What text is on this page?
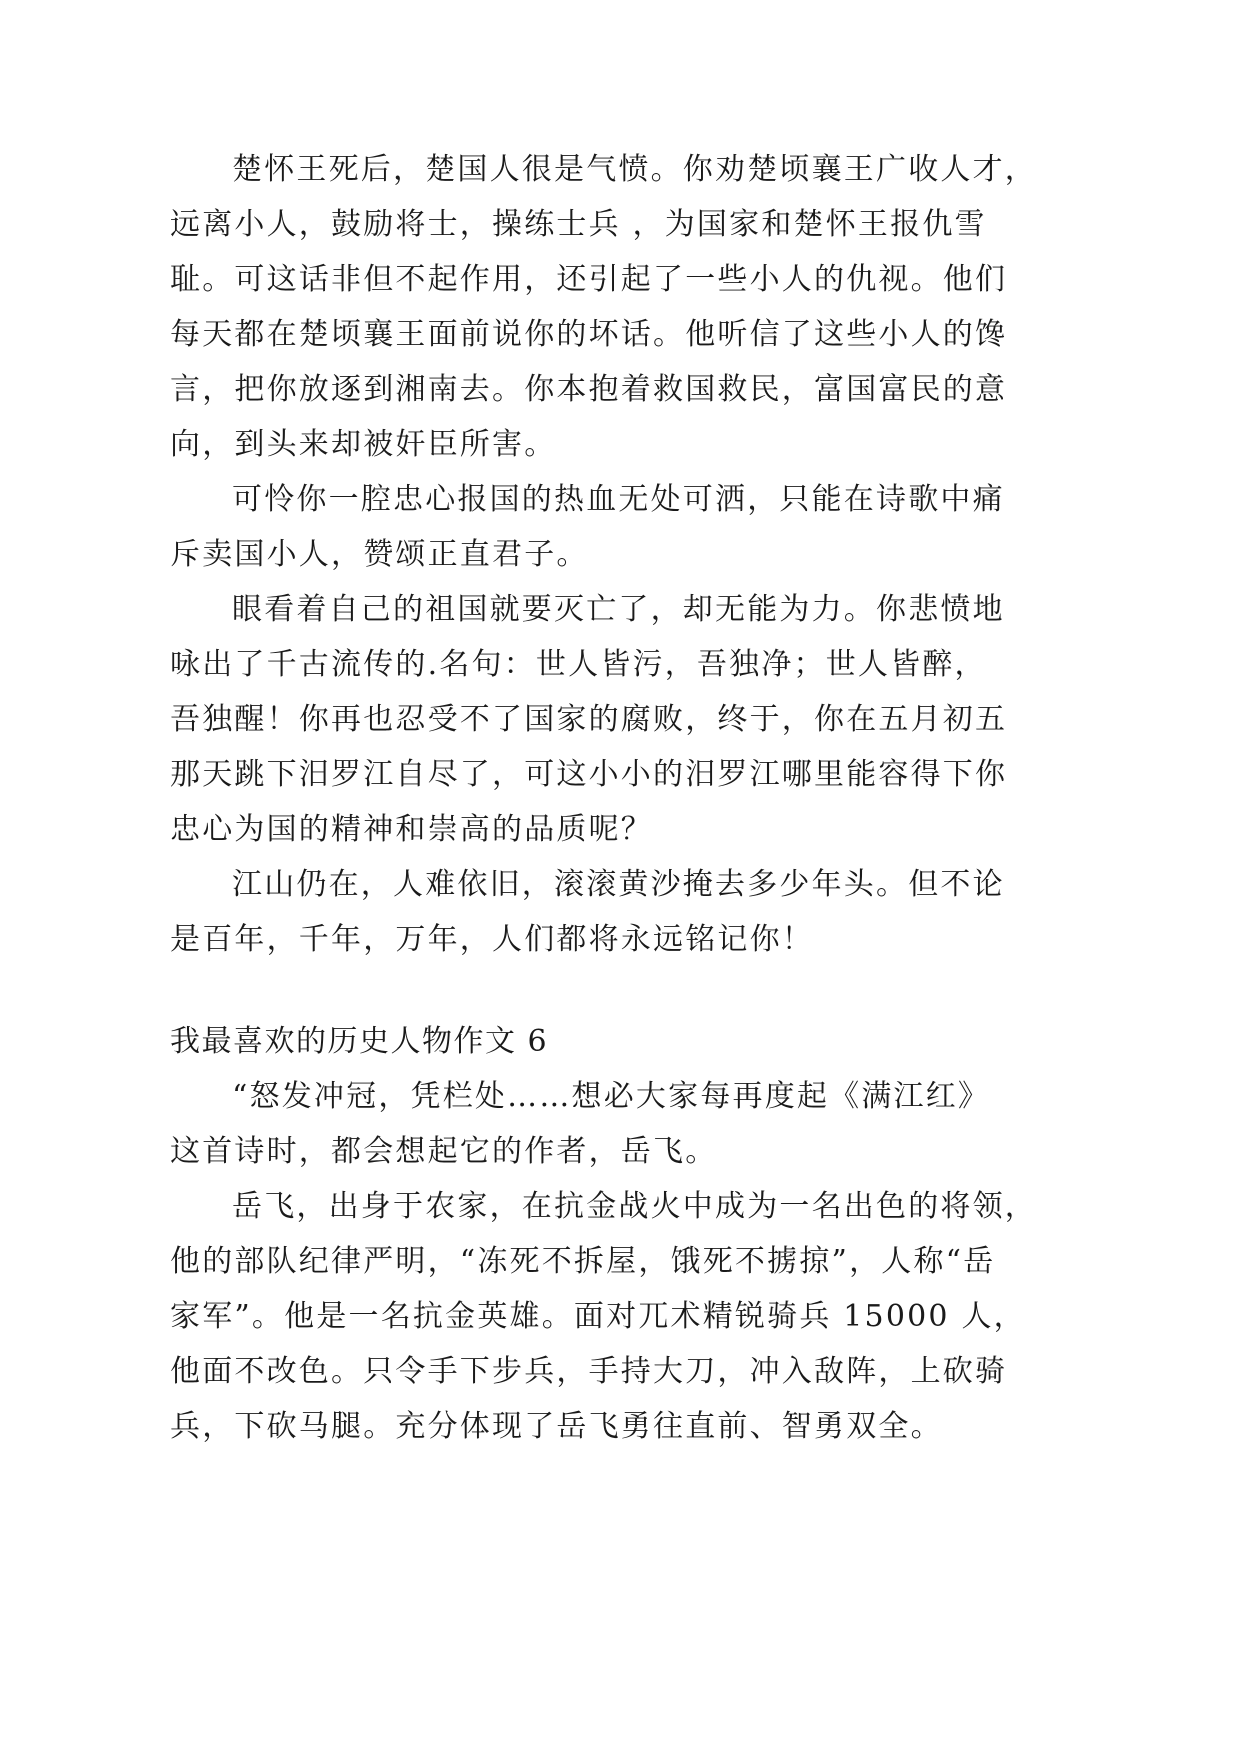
楚怀王死后，楚国人很是气愤。你劝楚顷襄王广收人才，
远离小人，鼓励将士，操练士兵 ，为国家和楚怀王报仇雪
耻。可这话非但不起作用，还引起了一些小人的仇视。他们
每天都在楚顷襄王面前说你的坏话。他听信了这些小人的馋
言，把你放逐到湘南去。你本抱着救国救民，富国富民的意
向，到头来却被奸臣所害。
可怜你一腔忠心报国的热血无处可洒，只能在诗歌中痛
斥卖国小人，赞颂正直君子。
眼看着自己的祖国就要灭亡了，却无能为力。你悲愤地
咏出了千古流传的.名句：世人皆污，吾独净；世人皆醉，
吾独醒！你再也忍受不了国家的腐败，终于，你在五月初五
那天跳下汨罗江自尽了，可这小小的汨罗江哪里能容得下你
忠心为国的精神和崇高的品质呢？
江山仍在，人难依旧，滚滚黄沙掩去多少年头。但不论
是百年，千年，万年，人们都将永远铭记你！
我最喜欢的历史人物作文 6
“怒发冲冠，凭栏处……想必大家每再度起《满江红》
这首诗时，都会想起它的作者，岳飞。
岳飞，出身于农家，在抗金战火中成为一名出色的将领，
他的部队纪律严明，“冻死不拆屋，饿死不掳掠”，人称“岳
家军”。他是一名抗金英雄。面对兀术精锐骑兵 15000 人，
他面不改色。只令手下步兵，手持大刀，冲入敌阵，上砍骑
兵，下砍马腿。充分体现了岳飞勇往直前、智勇双全。
